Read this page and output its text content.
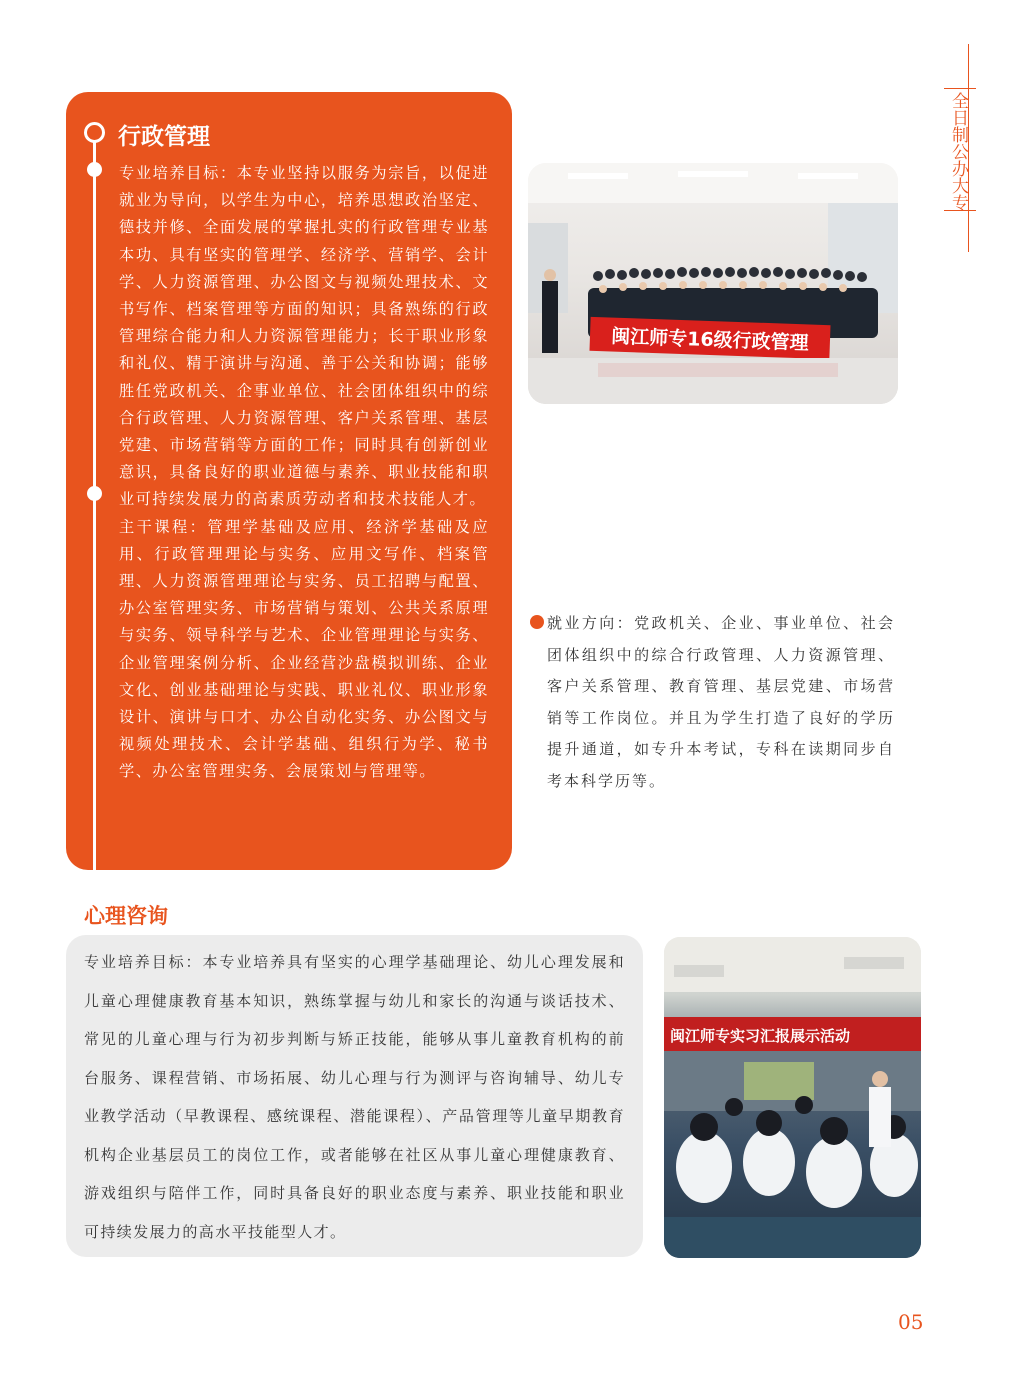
全日制公办大专
行政管理

专业培养目标：本专业坚持以服务为宗旨，以促进就业为导向，以学生为中心，培养思想政治坚定、德技并修、全面发展的掌握扎实的行政管理专业基本功、具有坚实的管理学、经济学、营销学、会计学、人力资源管理、办公图文与视频处理技术、文书写作、档案管理等方面的知识；具备熟练的行政管理综合能力和人力资源管理能力；长于职业形象和礼仪、精于演讲与沟通、善于公关和协调；能够胜任党政机关、企事业单位、社会团体组织中的综合行政管理、人力资源管理、客户关系管理、基层党建、市场营销等方面的工作；同时具有创新创业意识，具备良好的职业道德与素养、职业技能和职业可持续发展力的高素质劳动者和技术技能人才。

主干课程：管理学基础及应用、经济学基础及应用、行政管理理论与实务、应用文写作、档案管理、人力资源管理理论与实务、员工招聘与配置、办公室管理实务、市场营销与策划、公共关系原理与实务、领导科学与艺术、企业管理理论与实务、企业管理案例分析、企业经营沙盘模拟训练、企业文化、创业基础理论与实践、职业礼仪、职业形象设计、演讲与口才、办公自动化实务、办公图文与视频处理技术、会计学基础、组织行为学、秘书学、办公室管理实务、会展策划与管理等。

闽江师专16级行政管理
就业方向：党政机关、企业、事业单位、社会团体组织中的综合行政管理、人力资源管理、客户关系管理、教育管理、基层党建、市场营销等工作岗位。并且为学生打造了良好的学历提升通道，如专升本考试，专科在读期同步自考本科学历等。
心理咨询
专业培养目标：本专业培养具有坚实的心理学基础理论、幼儿心理发展和儿童心理健康教育基本知识，熟练掌握与幼儿和家长的沟通与谈话技术、常见的儿童心理与行为初步判断与矫正技能，能够从事儿童教育机构的前台服务、课程营销、市场拓展、幼儿心理与行为测评与咨询辅导、幼儿专业教学活动（早教课程、感统课程、潜能课程）、产品管理等儿童早期教育机构企业基层员工的岗位工作，或者能够在社区从事儿童心理健康教育、游戏组织与陪伴工作，同时具备良好的职业态度与素养、职业技能和职业可持续发展力的高水平技能型人才。
闽江师专实习汇报展示活动
05
